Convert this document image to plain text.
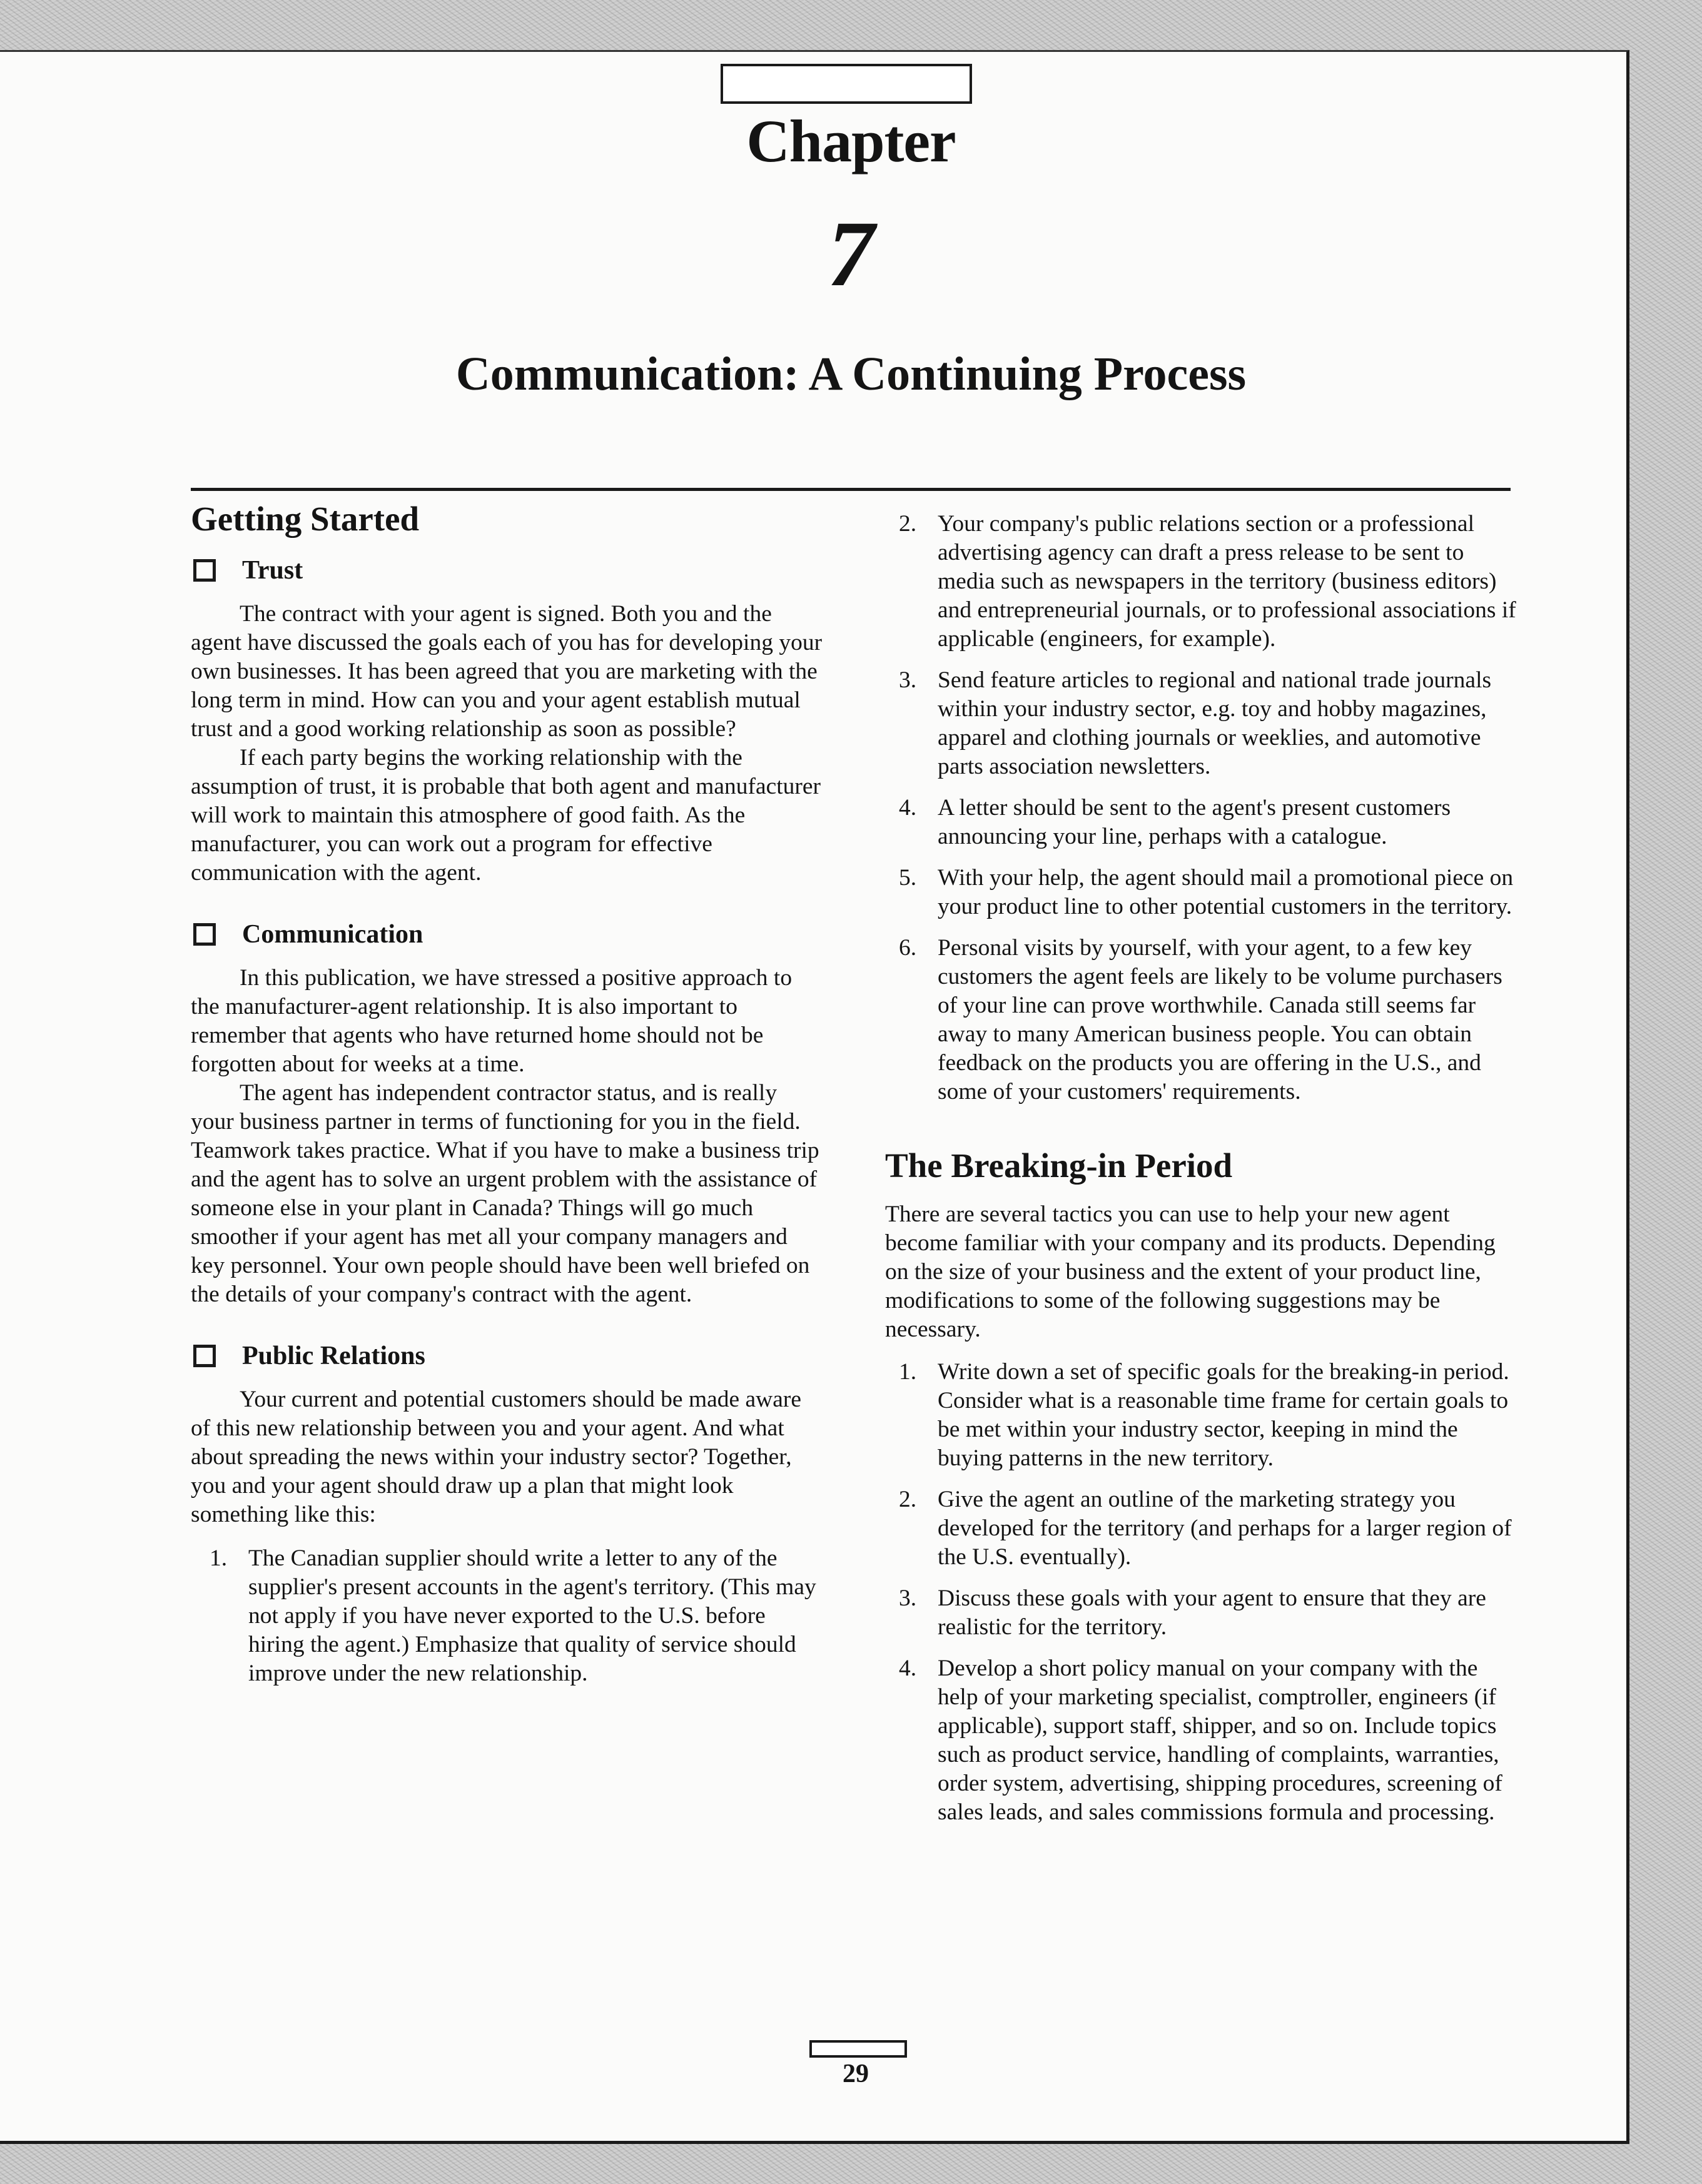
Chapter
7
Communication: A Continuing Process
Getting Started
Trust

The contract with your agent is signed. Both you and the agent have discussed the goals each of you has for developing your own businesses. It has been agreed that you are marketing with the long term in mind. How can you and your agent establish mutual trust and a good working relationship as soon as possible?

If each party begins the working relationship with the assumption of trust, it is probable that both agent and manufacturer will work to maintain this atmosphere of good faith. As the manufacturer, you can work out a program for effective communication with the agent.

Communication

In this publication, we have stressed a positive approach to the manufacturer-agent relationship. It is also important to remember that agents who have returned home should not be forgotten about for weeks at a time.

The agent has independent contractor status, and is really your business partner in terms of functioning for you in the field. Teamwork takes practice. What if you have to make a business trip and the agent has to solve an urgent problem with the assistance of someone else in your plant in Canada? Things will go much smoother if your agent has met all your company managers and key personnel. Your own people should have been well briefed on the details of your company's contract with the agent.

Public Relations

Your current and potential customers should be made aware of this new relationship between you and your agent. And what about spreading the news within your industry sector? Together, you and your agent should draw up a plan that might look something like this:

1. The Canadian supplier should write a letter to any of the supplier's present accounts in the agent's territory. (This may not apply if you have never exported to the U.S. before hiring the agent.) Emphasize that quality of service should improve under the new relationship.
2. Your company's public relations section or a professional advertising agency can draft a press release to be sent to media such as newspapers in the territory (business editors) and entrepreneurial journals, or to professional associations if applicable (engineers, for example).
3. Send feature articles to regional and national trade journals within your industry sector, e.g. toy and hobby magazines, apparel and clothing journals or weeklies, and automotive parts association newsletters.
4. A letter should be sent to the agent's present customers announcing your line, perhaps with a catalogue.
5. With your help, the agent should mail a promotional piece on your product line to other potential customers in the territory.
6. Personal visits by yourself, with your agent, to a few key customers the agent feels are likely to be volume purchasers of your line can prove worthwhile. Canada still seems far away to many American business people. You can obtain feedback on the products you are offering in the U.S., and some of your customers' requirements.
The Breaking-in Period

There are several tactics you can use to help your new agent become familiar with your company and its products. Depending on the size of your business and the extent of your product line, modifications to some of the following suggestions may be necessary.

1. Write down a set of specific goals for the breaking-in period. Consider what is a reasonable time frame for certain goals to be met within your industry sector, keeping in mind the buying patterns in the new territory.
2. Give the agent an outline of the marketing strategy you developed for the territory (and perhaps for a larger region of the U.S. eventually).
3. Discuss these goals with your agent to ensure that they are realistic for the territory.
4. Develop a short policy manual on your company with the help of your marketing specialist, comptroller, engineers (if applicable), support staff, shipper, and so on. Include topics such as product service, handling of complaints, warranties, order system, advertising, shipping procedures, screening of sales leads, and sales commissions formula and processing.
29
